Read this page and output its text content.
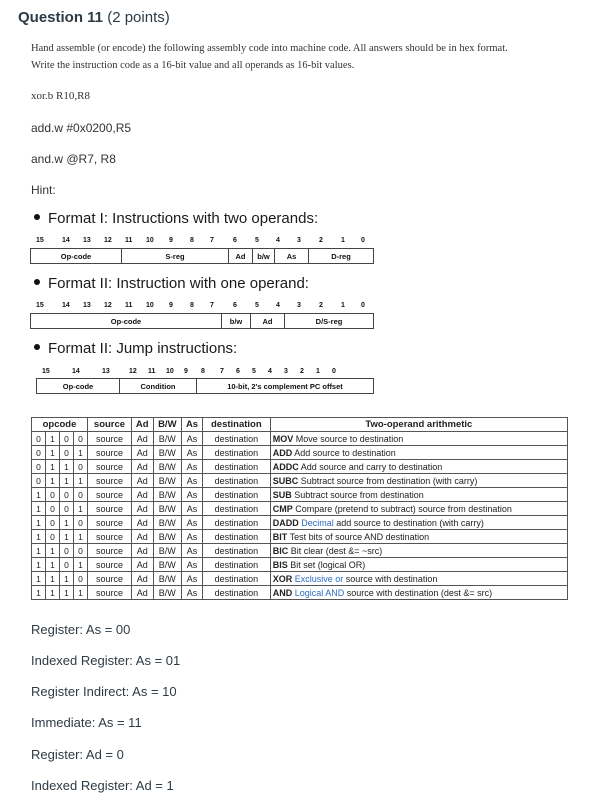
Question 11 (2 points)
Hand assemble (or encode) the following assembly code into machine code. All answers should be in hex format.
Write the instruction code as a 16-bit value and all operands as 16-bit values.
xor.b R10,R8
add.w #0x0200,R5
and.w @R7, R8
Hint:
Format I: Instructions with two operands:
15	14 13 12 11 10 9 8 7	6	5 4 3	2	1 0
Op-code	S-reg	Ad	b/w	As	D-reg
Format II: Instruction with one operand:
15	14 13 12 11 10 9 8 7	6	5 4 3	2	1 0
Op-code	b/w	Ad	D/S-reg
Format II: Jump instructions:
15	14	13	12 11 10 9 8 7 6 5 4 3 2 1 0
Op-code	Condition	10-bit, 2's complement PC offset
opcode				source	Ad	B/W	As	destination	Two-operand arithmetic
0	1	0	0	source	Ad	B/W	As	destination	MOV Move source to destination
0	1	0	1	source	Ad	B/W	As	destination	ADD Add source to destination
0	1	1	0	source	Ad	B/W	As	destination	ADDC Add source and carry to destination
0	1	1	1	source	Ad	B/W	As	destination	SUBC Subtract source from destination (with carry)
1	0	0	0	source	Ad	B/W	As	destination	SUB Subtract source from destination
1	0	0	1	source	Ad	B/W	As	destination	CMP Compare (pretend to subtract) source from destination
1	0	1	0	source	Ad	B/W	As	destination	DADD Decimal add source to destination (with carry)
1	0	1	1	source	Ad	B/W	As	destination	BIT Test bits of source AND destination
1	1	0	0	source	Ad	B/W	As	destination	BIC Bit clear (dest &= ~src)
1	1	0	1	source	Ad	B/W	As	destination	BIS Bit set (logical OR)
1	1	1	0	source	Ad	B/W	As	destination	XOR Exclusive or source with destination
1	1	1	1	source	Ad	B/W	As	destination	AND Logical AND source with destination (dest &= src)
Register: As = 00
Indexed Register: As = 01
Register Indirect: As = 10
Immediate: As = 11
Register: Ad = 0
Indexed Register: Ad = 1
